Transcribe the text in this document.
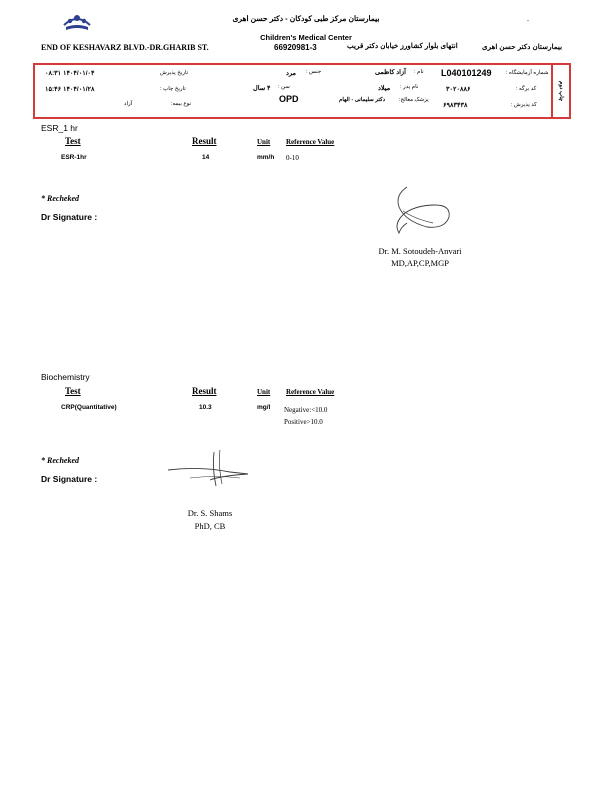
بیمارستان مرکز طبی کودکان - دکتر حسن اهری	-
Children's Medical Center
END OF KESHAVARZ BLVD.-DR.GHARIB ST.	66920981-3	انتهای بلوار کشاورز خیابان دکتر قریب	بیمارستان دکتر حسن اهری
چاپ دوم
شماره آزمایشگاه :
L040101249
نام :
آزاد کاظمی
جنس :
مرد
تاریخ پذیرش
۱۴۰۴/۰۱/۰۴ ۰۸:۳۱
کد برگه :
۳۰۲۰۸۸۶
نام پدر :
میلاد
سن :
۴ سال
تاریخ چاپ :
۱۴۰۴/۰۱/۲۸ ۱۵:۴۶
کد پذیرش :
۶۹۸۳۴۳۸
پزشک معالج:
دکتر سلیمانی - الهام
OPD
نوع بیمه:
آزاد
ESR_1 hr
Test	Result	Unit Reference Value
ESR-1hr	14	mm/h 0-10
* Recheked
Dr Signature :
Dr. M. Sotoudeh-Anvari
MD,AP,CP,MGP
Biochemistry
Test	Result	Unit Reference Value
CRP(Quantitative)	10.3	mg/l Negative:<10.0
Positive>10.0
* Recheked
Dr Signature :
Dr. S. Shams
PhD, CB
